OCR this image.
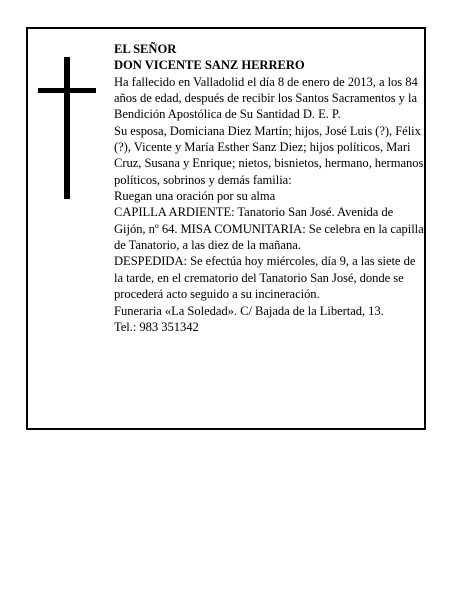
EL SEÑOR

DON VICENTE SANZ HERRERO

Ha fallecido en Valladolid el día 8 de enero de 2013, a los 84 años de edad, después de recibir los Santos Sacramentos y la Bendición Apostólica de Su Santidad D. E. P.

Su esposa, Domiciana Diez Martín; hijos, José Luis (?), Félix (?), Vicente y María Esther Sanz Diez; hijos políticos, Mari Cruz, Susana y Enrique; nietos, bisnietos, hermano, hermanos políticos, sobrinos y demás familia:

Ruegan una oración por su alma

CAPILLA ARDIENTE: Tanatorio San José. Avenida de Gijón, nº 64. MISA COMUNITARIA: Se celebra en la capilla de Tanatorio, a las diez de la mañana.

DESPEDIDA: Se efectúa hoy miércoles, día 9, a las siete de la tarde, en el crematorio del Tanatorio San José, donde se procederá acto seguido a su incineración.

Funeraria «La Soledad». C/ Bajada de la Libertad, 13.

Tel.: 983 351342
